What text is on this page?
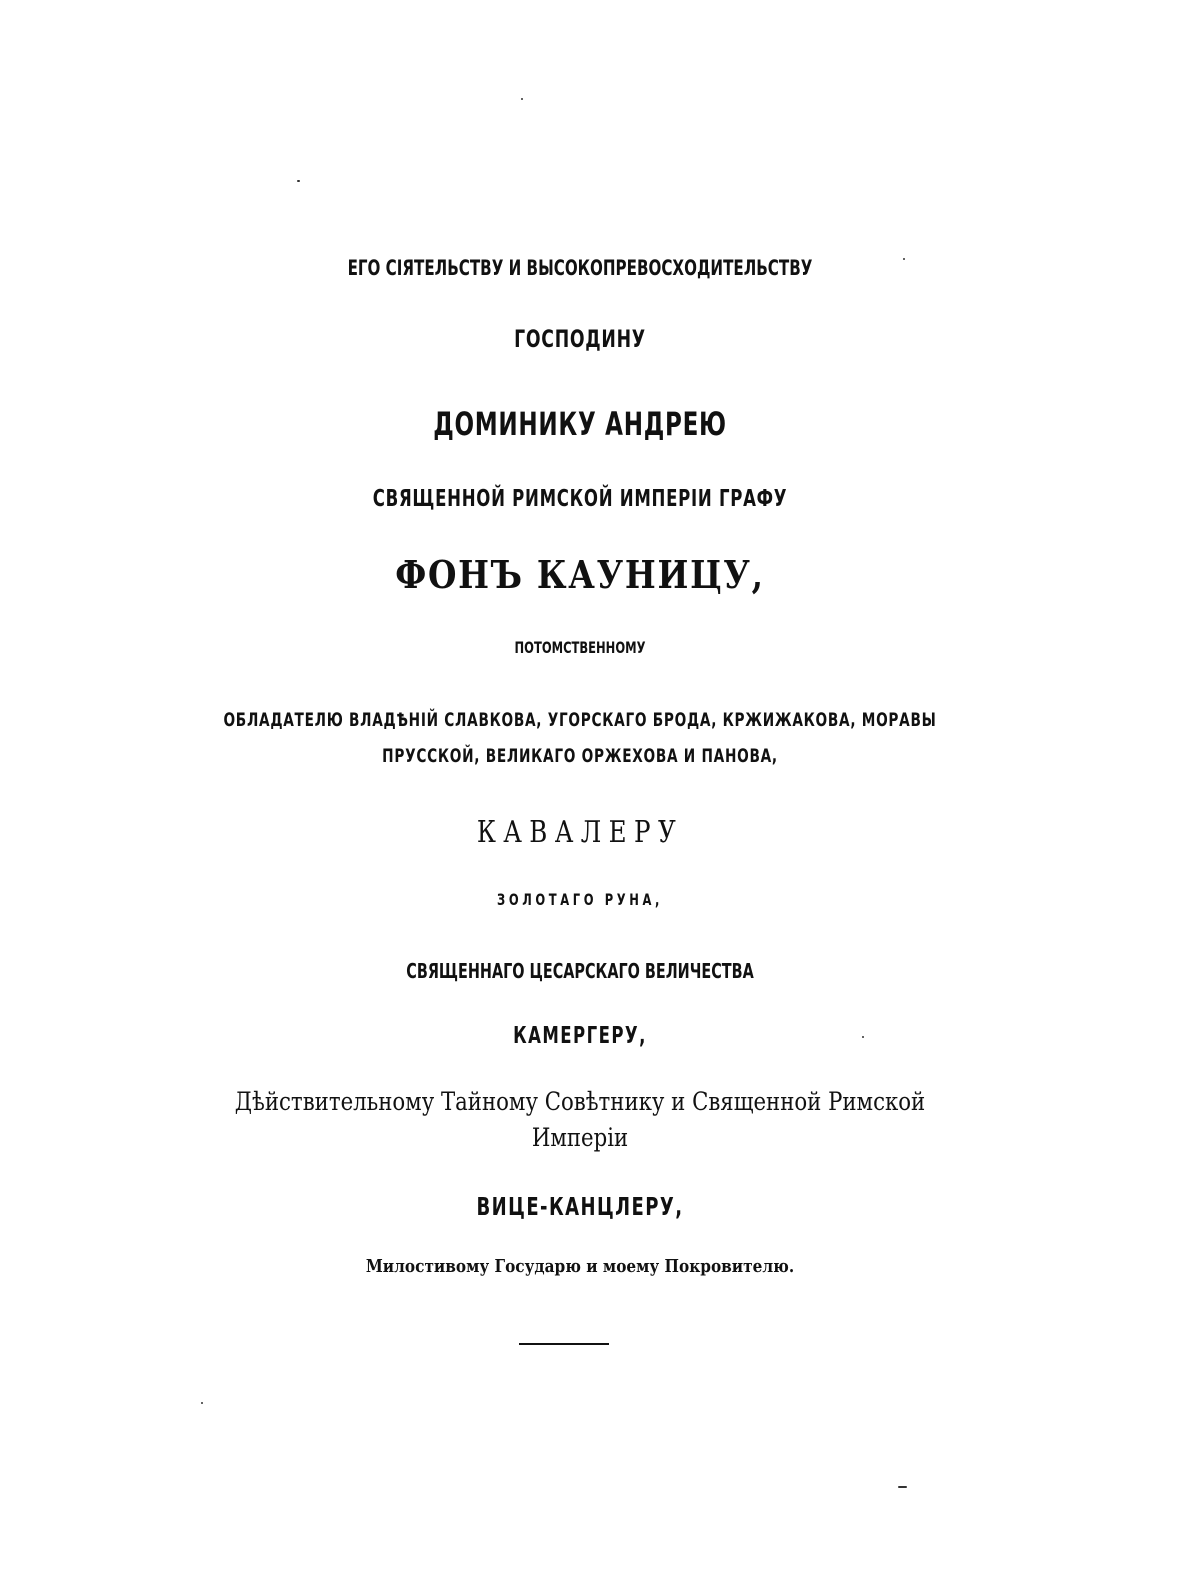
ЕГО СІЯТЕЛЬСТВУ И ВЫСОКОПРЕВОСХОДИТЕЛЬСТВУ
ГОСПОДИНУ
ДОМИНИКУ АНДРЕЮ
СВЯЩЕННОЙ РИМСКОЙ ИМПЕРІИ ГРАФУ
ФОНЪ КАУНИЦУ,
ПОТОМСТВЕННОМУ
ОБЛАДАТЕЛЮ ВЛАДѢНІЙ СЛАВКОВА, УГОРСКАГО БРОДА, КРЖИЖАКОВА, МОРАВЫ
ПРУССКОЙ, ВЕЛИКАГО ОРЖЕХОВА И ПАНОВА,
КАВАЛЕРУ
ЗОЛОТАГО РУНА,
СВЯЩЕННАГО ЦЕСАРСКАГО ВЕЛИЧЕСТВА
КАМЕРГЕРУ,
Дѣйствительному Тайному Совѣтнику и Священной Римской
Имперіи
ВИЦЕ-КАНЦЛЕРУ,
Милостивому Государю и моему Покровителю.
